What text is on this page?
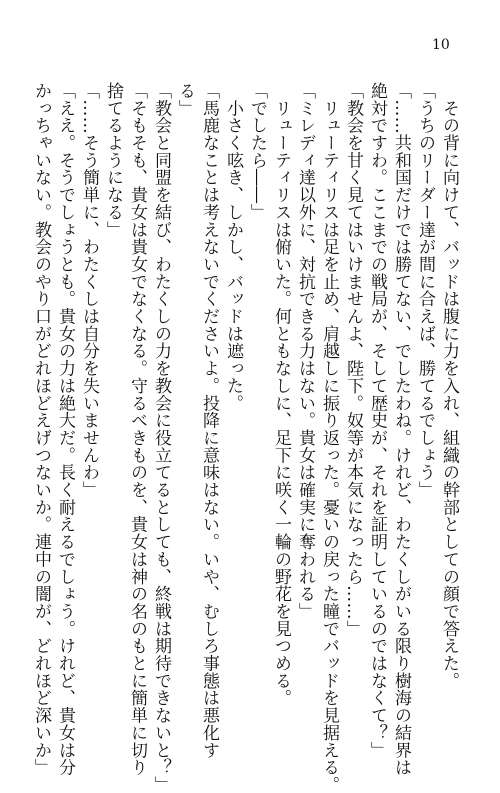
10
　その背に向けて、バッドは腹に力を入れ、組織の幹部としての顔で答えた。
「うちのリーダー達が間に合えば、勝てるでしょう」
「……共和国だけでは勝てない、でしたわね。けれど、わたくしがいる限り樹海の結界は
絶対ですわ。ここまでの戦局が、そして歴史が、それを証明しているのではなくて？」
「教会を甘く見てはいけませんよ、陛下。奴等が本気になったら……」
　リューティリスは足を止め、肩越しに振り返った。憂いの戻った瞳でバッドを見据える。
「ミレディ達以外に、対抗できる力はない。貴女は確実に奪われる」
　リューティリスは俯いた。何ともなしに、足下に咲く一輪の野花を見つめる。
「でしたら――」
　小さく呟き、しかし、バッドは遮った。
「馬鹿なことは考えないでくださいよ。投降に意味はない。いや、むしろ事態は悪化す
る」
「教会と同盟を結び、わたくしの力を教会に役立てるとしても、終戦は期待できないと？」
「そもそも、貴女は貴女でなくなる。守るべきものを、貴女は神の名のもとに簡単に切り
捨てるようになる」
「……そう簡単に、わたくしは自分を失いませんわ」
「ええ。そうでしょうとも。貴女の力は絶大だ。長く耐えるでしょう。けれど、貴女は分
かっちゃいない。教会のやり口がどれほどえげつないか。連中の闇が、どれほど深いか」
